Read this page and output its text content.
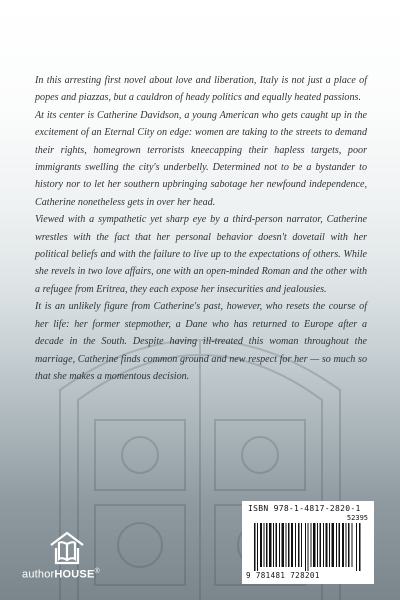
In this arresting first novel about love and liberation, Italy is not just a place of popes and piazzas, but a cauldron of heady politics and equally heated passions.

At its center is Catherine Davidson, a young American who gets caught up in the excitement of an Eternal City on edge: women are taking to the streets to demand their rights, homegrown terrorists kneecapping their hapless targets, poor immigrants swelling the city's underbelly. Determined not to be a bystander to history nor to let her southern upbringing sabotage her newfound independence, Catherine nonetheless gets in over her head.

Viewed with a sympathetic yet sharp eye by a third-person narrator, Catherine wrestles with the fact that her personal behavior doesn't dovetail with her political beliefs and with the failure to live up to the expectations of others. While she revels in two love affairs, one with an open-minded Roman and the other with a refugee from Eritrea, they each expose her insecurities and jealousies.

It is an unlikely figure from Catherine's past, however, who resets the course of her life: her former stepmother, a Dane who has returned to Europe after a decade in the South. Despite having ill-treated this woman throughout the marriage, Catherine finds common ground and new respect for her — so much so that she makes a momentous decision.

authorHOUSE®
ISBN 978-1-4817-2820-1
52395
9 781481 728201
